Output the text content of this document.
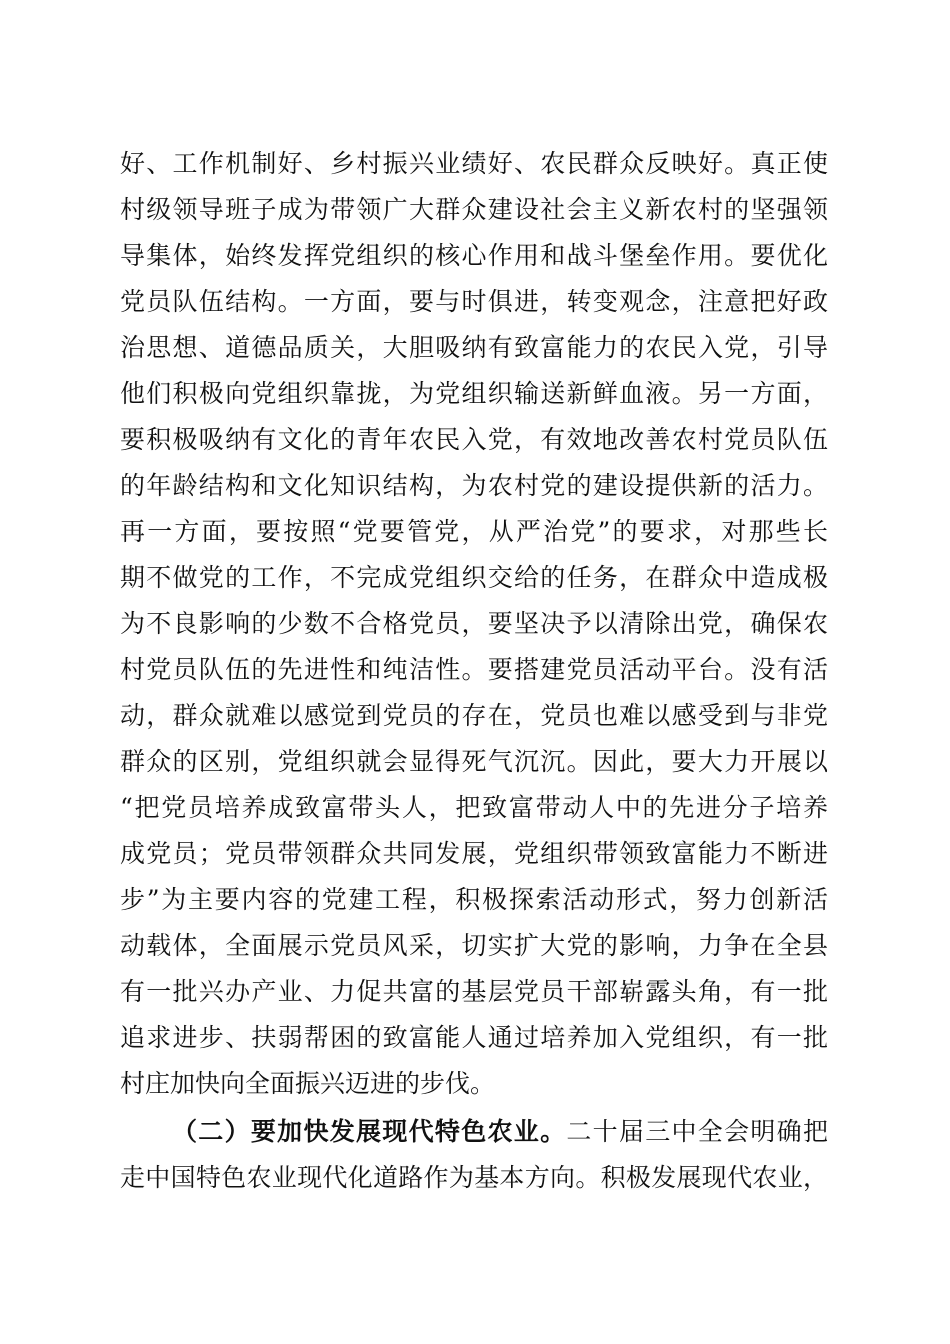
好、工作机制好、乡村振兴业绩好、农民群众反映好。真正使
村级领导班子成为带领广大群众建设社会主义新农村的坚强领
导集体，始终发挥党组织的核心作用和战斗堡垒作用。要优化
党员队伍结构。一方面，要与时俱进，转变观念，注意把好政
治思想、道德品质关，大胆吸纳有致富能力的农民入党，引导
他们积极向党组织靠拢，为党组织输送新鲜血液。另一方面，
要积极吸纳有文化的青年农民入党，有效地改善农村党员队伍
的年龄结构和文化知识结构，为农村党的建设提供新的活力。
再一方面，要按照“党要管党，从严治党”的要求，对那些长
期不做党的工作，不完成党组织交给的任务，在群众中造成极
为不良影响的少数不合格党员，要坚决予以清除出党，确保农
村党员队伍的先进性和纯洁性。要搭建党员活动平台。没有活
动，群众就难以感觉到党员的存在，党员也难以感受到与非党
群众的区别，党组织就会显得死气沉沉。因此，要大力开展以
“把党员培养成致富带头人，把致富带动人中的先进分子培养
成党员；党员带领群众共同发展，党组织带领致富能力不断进
步”为主要内容的党建工程，积极探索活动形式，努力创新活
动载体，全面展示党员风采，切实扩大党的影响，力争在全县
有一批兴办产业、力促共富的基层党员干部崭露头角，有一批
追求进步、扶弱帮困的致富能人通过培养加入党组织，有一批
村庄加快向全面振兴迈进的步伐。
（二）要加快发展现代特色农业。二十届三中全会明确把
走中国特色农业现代化道路作为基本方向。积极发展现代农业，
